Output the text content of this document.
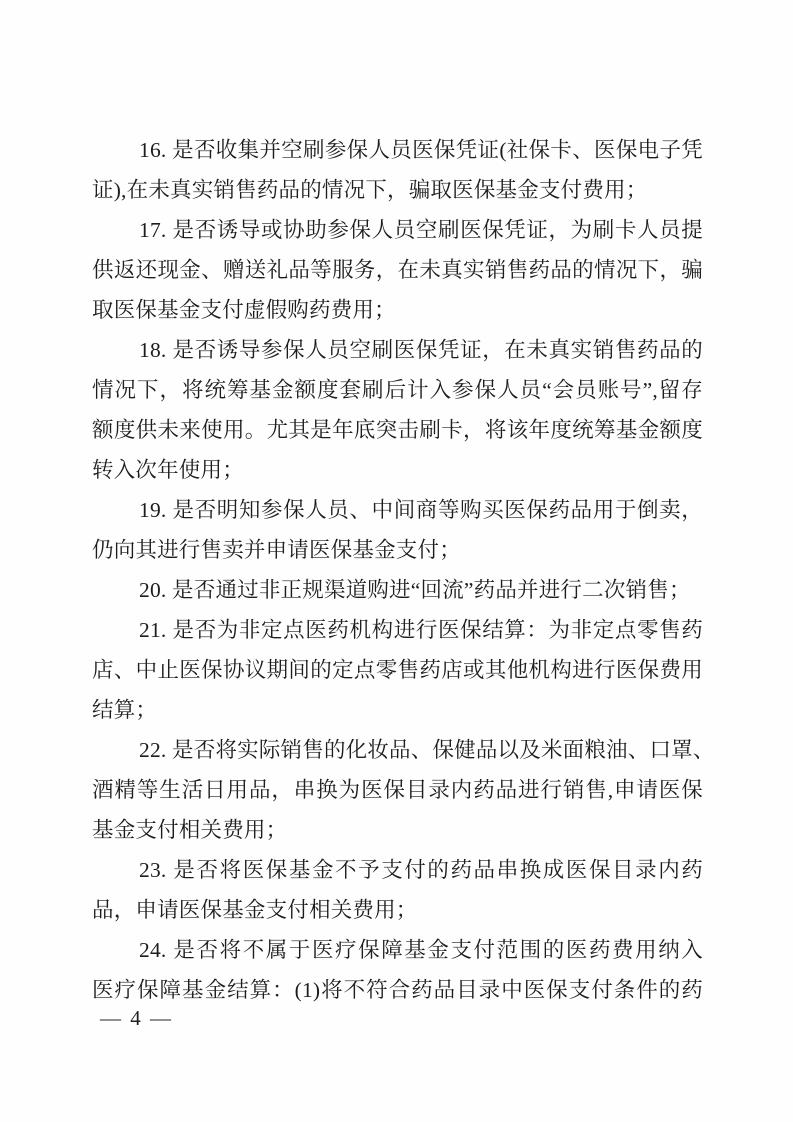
16. 是否收集并空刷参保人员医保凭证(社保卡、医保电子凭
证),在未真实销售药品的情况下，骗取医保基金支付费用；
17. 是否诱导或协助参保人员空刷医保凭证，为刷卡人员提
供返还现金、赠送礼品等服务，在未真实销售药品的情况下，骗
取医保基金支付虚假购药费用；
18. 是否诱导参保人员空刷医保凭证，在未真实销售药品的
情况下，将统筹基金额度套刷后计入参保人员“会员账号”,留存
额度供未来使用。尤其是年底突击刷卡，将该年度统筹基金额度
转入次年使用；
19. 是否明知参保人员、中间商等购买医保药品用于倒卖，
仍向其进行售卖并申请医保基金支付；
20. 是否通过非正规渠道购进“回流”药品并进行二次销售；
21. 是否为非定点医药机构进行医保结算：为非定点零售药
店、中止医保协议期间的定点零售药店或其他机构进行医保费用
结算；
22. 是否将实际销售的化妆品、保健品以及米面粮油、口罩、
酒精等生活日用品，串换为医保目录内药品进行销售,申请医保
基金支付相关费用；
23. 是否将医保基金不予支付的药品串换成医保目录内药
品，申请医保基金支付相关费用；
24. 是否将不属于医疗保障基金支付范围的医药费用纳入
医疗保障基金结算：(1)将不符合药品目录中医保支付条件的药
— 4 —
